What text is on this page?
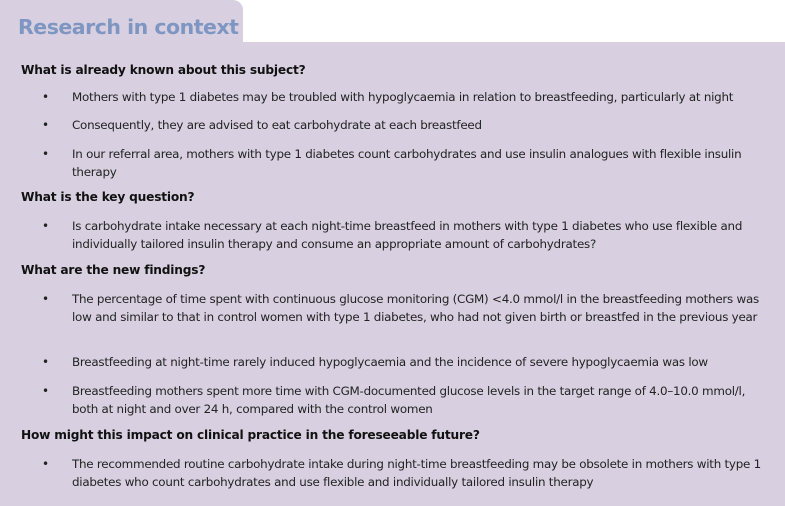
Research in context
What is already known about this subject?
•	Mothers with type 1 diabetes may be troubled with hypoglycaemia in relation to breastfeeding, particularly at night
•	Consequently, they are advised to eat carbohydrate at each breastfeed
•	In our referral area, mothers with type 1 diabetes count carbohydrates and use insulin analogues with flexible insulin therapy
What is the key question?
•	Is carbohydrate intake necessary at each night-time breastfeed in mothers with type 1 diabetes who use flexible and individually tailored insulin therapy and consume an appropriate amount of carbohydrates?
What are the new findings?
•	The percentage of time spent with continuous glucose monitoring (CGM) <4.0 mmol/l in the breastfeeding mothers was low and similar to that in control women with type 1 diabetes, who had not given birth or breastfed in the previous year
•	Breastfeeding at night-time rarely induced hypoglycaemia and the incidence of severe hypoglycaemia was low
•	Breastfeeding mothers spent more time with CGM-documented glucose levels in the target range of 4.0–10.0 mmol/l, both at night and over 24 h, compared with the control women
How might this impact on clinical practice in the foreseeable future?
•	The recommended routine carbohydrate intake during night-time breastfeeding may be obsolete in mothers with type 1 diabetes who count carbohydrates and use flexible and individually tailored insulin therapy
